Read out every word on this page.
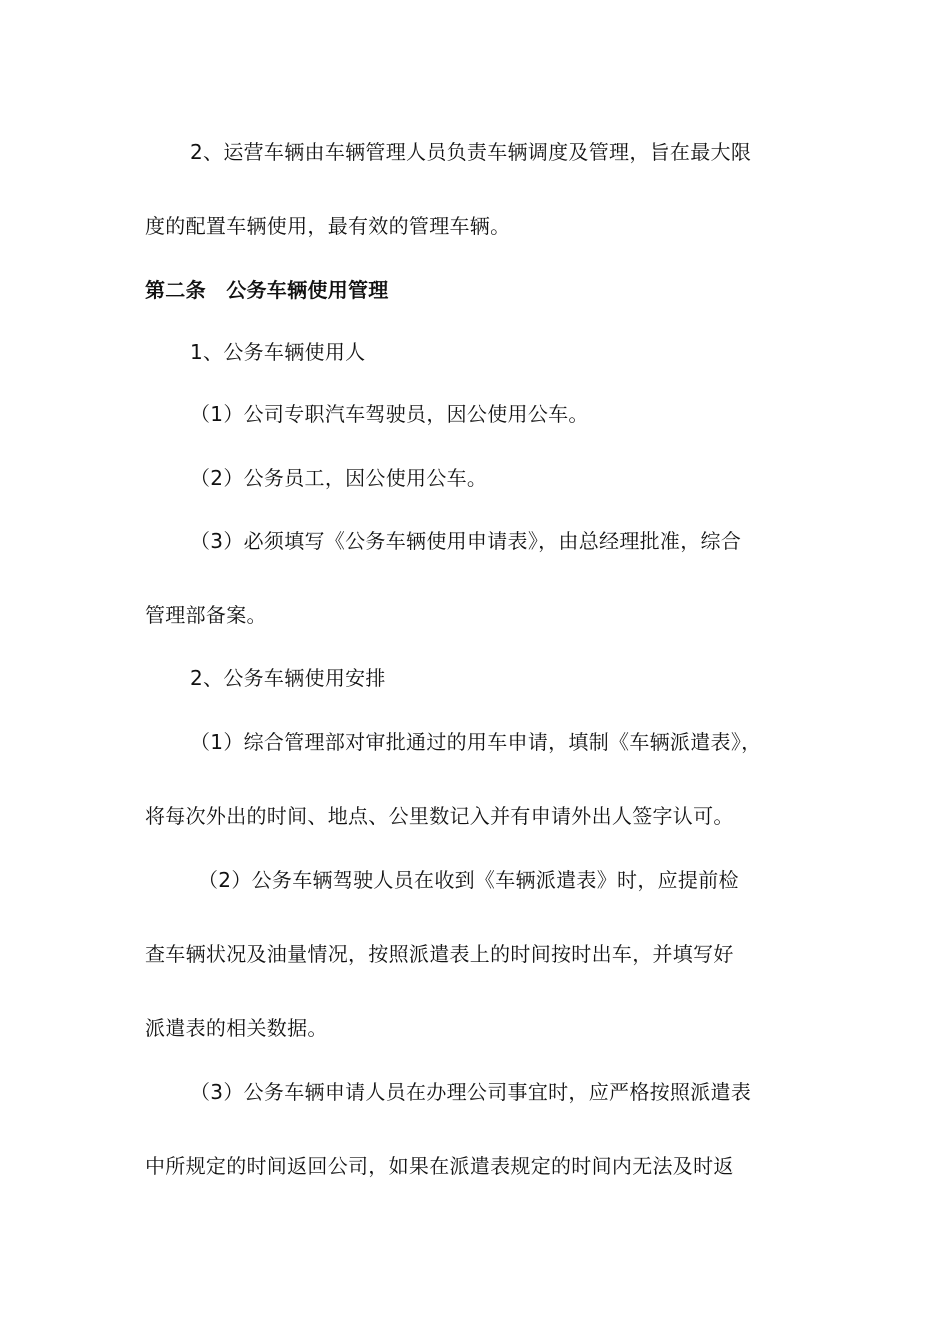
2、运营车辆由车辆管理人员负责车辆调度及管理，旨在最大限
度的配置车辆使用，最有效的管理车辆。
第二条　公务车辆使用管理
1、公务车辆使用人
（1）公司专职汽车驾驶员，因公使用公车。
（2）公务员工，因公使用公车。
（3）必须填写《公务车辆使用申请表》，由总经理批准，综合
管理部备案。
2、公务车辆使用安排
（1）综合管理部对审批通过的用车申请，填制《车辆派遣表》，
将每次外出的时间、地点、公里数记入并有申请外出人签字认可。
（2）公务车辆驾驶人员在收到《车辆派遣表》时，应提前检
查车辆状况及油量情况，按照派遣表上的时间按时出车，并填写好
派遣表的相关数据。
（3）公务车辆申请人员在办理公司事宜时，应严格按照派遣表
中所规定的时间返回公司，如果在派遣表规定的时间内无法及时返
